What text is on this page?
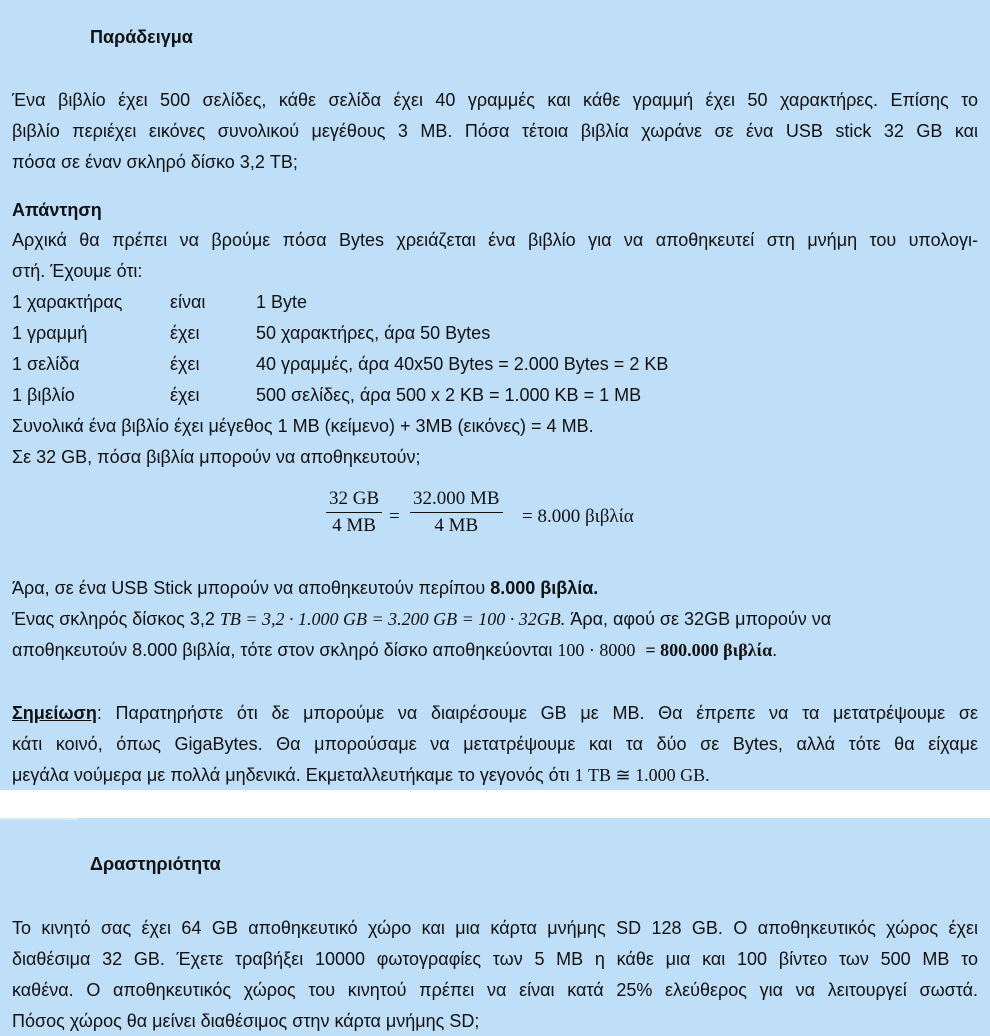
Παράδειγμα
Ένα βιβλίο έχει 500 σελίδες, κάθε σελίδα έχει 40 γραμμές και κάθε γραμμή έχει 50 χαρακτήρες. Επίσης το
βιβλίο περιέχει εικόνες συνολικού μεγέθους 3 MB. Πόσα τέτοια βιβλία χωράνε σε ένα USB stick 32 GB και
πόσα σε έναν σκληρό δίσκο 3,2 TB;
Απάντηση
Αρχικά θα πρέπει να βρούμε πόσα Bytes χρειάζεται ένα βιβλίο για να αποθηκευτεί στη μνήμη του υπολογι-
στή. Έχουμε ότι:
1 χαρακτήρας	είναι	1 Byte
1 γραμμή	έχει	50 χαρακτήρες, άρα 50 Bytes
1 σελίδα	έχει	40 γραμμές, άρα 40x50 Bytes = 2.000 Bytes = 2 KB
1 βιβλίο	έχει	500 σελίδες, άρα 500 x 2 KB = 1.000 KB = 1 MB
Συνολικά ένα βιβλίο έχει μέγεθος 1 MB (κείμενο) + 3MB (εικόνες) = 4 MB.
Σε 32 GB, πόσα βιβλία μπορούν να αποθηκευτούν;
$\frac{32 GB}{4 MB} = \frac{32.000 MB}{4 MB} = 8.000$ βιβλία
Άρα, σε ένα USB Stick μπορούν να αποθηκευτούν περίπου 8.000 βιβλία.
Ένας σκληρός δίσκος 3,2 TB = 3,2 · 1.000 GB = 3.200 GB = 100 · 32GB. Άρα, αφού σε 32GB μπορούν να
αποθηκευτούν 8.000 βιβλία, τότε στον σκληρό δίσκο αποθηκεύονται 100 · 8000 = 800.000 βιβλία.
Σημείωση: Παρατηρήστε ότι δε μπορούμε να διαιρέσουμε GB με MB. Θα έπρεπε να τα μετατρέψουμε σε
κάτι κοινό, όπως GigaBytes. Θα μπορούσαμε να μετατρέψουμε και τα δύο σε Bytes, αλλά τότε θα είχαμε
μεγάλα νούμερα με πολλά μηδενικά. Εκμεταλλευτήκαμε το γεγονός ότι 1 TB ≅ 1.000 GB.
Δραστηριότητα
Το κινητό σας έχει 64 GB αποθηκευτικό χώρο και μια κάρτα μνήμης SD 128 GB. Ο αποθηκευτικός χώρος έχει
διαθέσιμα 32 GB. Έχετε τραβήξει 10000 φωτογραφίες των 5 MB η κάθε μια και 100 βίντεο των 500 MB το
καθένα. Ο αποθηκευτικός χώρος του κινητού πρέπει να είναι κατά 25% ελεύθερος για να λειτουργεί σωστά.
Πόσος χώρος θα μείνει διαθέσιμος στην κάρτα μνήμης SD;
